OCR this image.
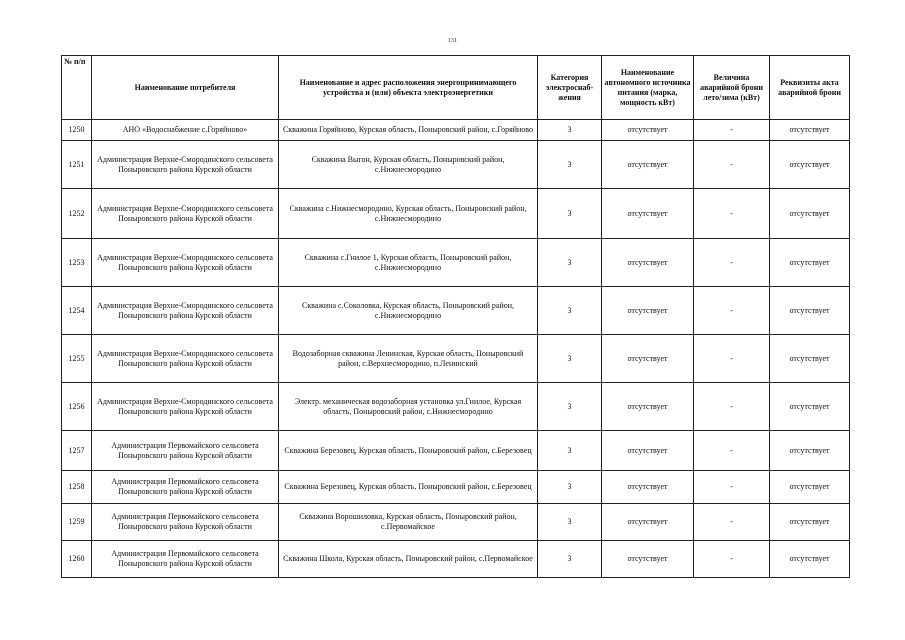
131
№ п/п	Наименование потребителя	Наименование и адрес расположения энергопринимающего устройства и (или) объекта электроэнергетики	Категория электроснаб-жения	Наименование автономного источника питания (марка, мощность кВт)	Величина аварийной брони лето/зима (кВт)	Реквизиты акта аварийной брони
1250	АНО «Водоснабжение с.Горяйново»	Скважина Горяйново, Курская область, Поныровский район, с.Горяйново	3	отсутствует	-	отсутствует
1251	Администрация Верхне-Смородинского сельсовета Поныровского района Курской области	Скважина Выгон, Курская область, Поныровский район, с.Нижнесмородино	3	отсутствует	-	отсутствует
1252	Администрация Верхне-Смородинского сельсовета Поныровского района Курской области	Скважина с.Нижнесмородино, Курская область, Поныровский район, с.Нижнесмородино	3	отсутствует	-	отсутствует
1253	Администрация Верхне-Смородинского сельсовета Поныровского района Курской области	Скважина с.Гнилое 1, Курская область, Поныровский район, с.Нижнесмородино	3	отсутствует	-	отсутствует
1254	Администрация Верхне-Смородинского сельсовета Поныровского района Курской области	Скважина с.Соколовка, Курская область, Поныровский район, с.Нижнесмородино	3	отсутствует	-	отсутствует
1255	Администрация Верхне-Смородинского сельсовета Поныровского района Курской области	Водозаборная скважина Ленинская, Курская область, Поныровский район, с.Верхнесмородино, п.Ленинский	3	отсутствует	-	отсутствует
1256	Администрация Верхне-Смородинского сельсовета Поныровского района Курской области	Электр. механическая водозаборная установка ул.Гнилое, Курская область, Поныровский район, с.Нижнесмородино	3	отсутствует	-	отсутствует
1257	Администрация Первомайского сельсовета Поныровского района Курской области	Скважина Березовец, Курская область, Поныровский район, с.Березовец	3	отсутствует	-	отсутствует
1258	Администрация Первомайского сельсовета Поныровского района Курской области	Скважина Березовец, Курская область, Поныровский район, с.Березовец	3	отсутствует	-	отсутствует
1259	Администрация Первомайского сельсовета Поныровского района Курской области	Скважина Ворошиловка, Курская область, Поныровский район, с.Первомайское	3	отсутствует	-	отсутствует
1260	Администрация Первомайского сельсовета Поныровского района Курской области	Скважина Школа, Курская область, Поныровский район, с.Первомайское	3	отсутствует	-	отсутствует
